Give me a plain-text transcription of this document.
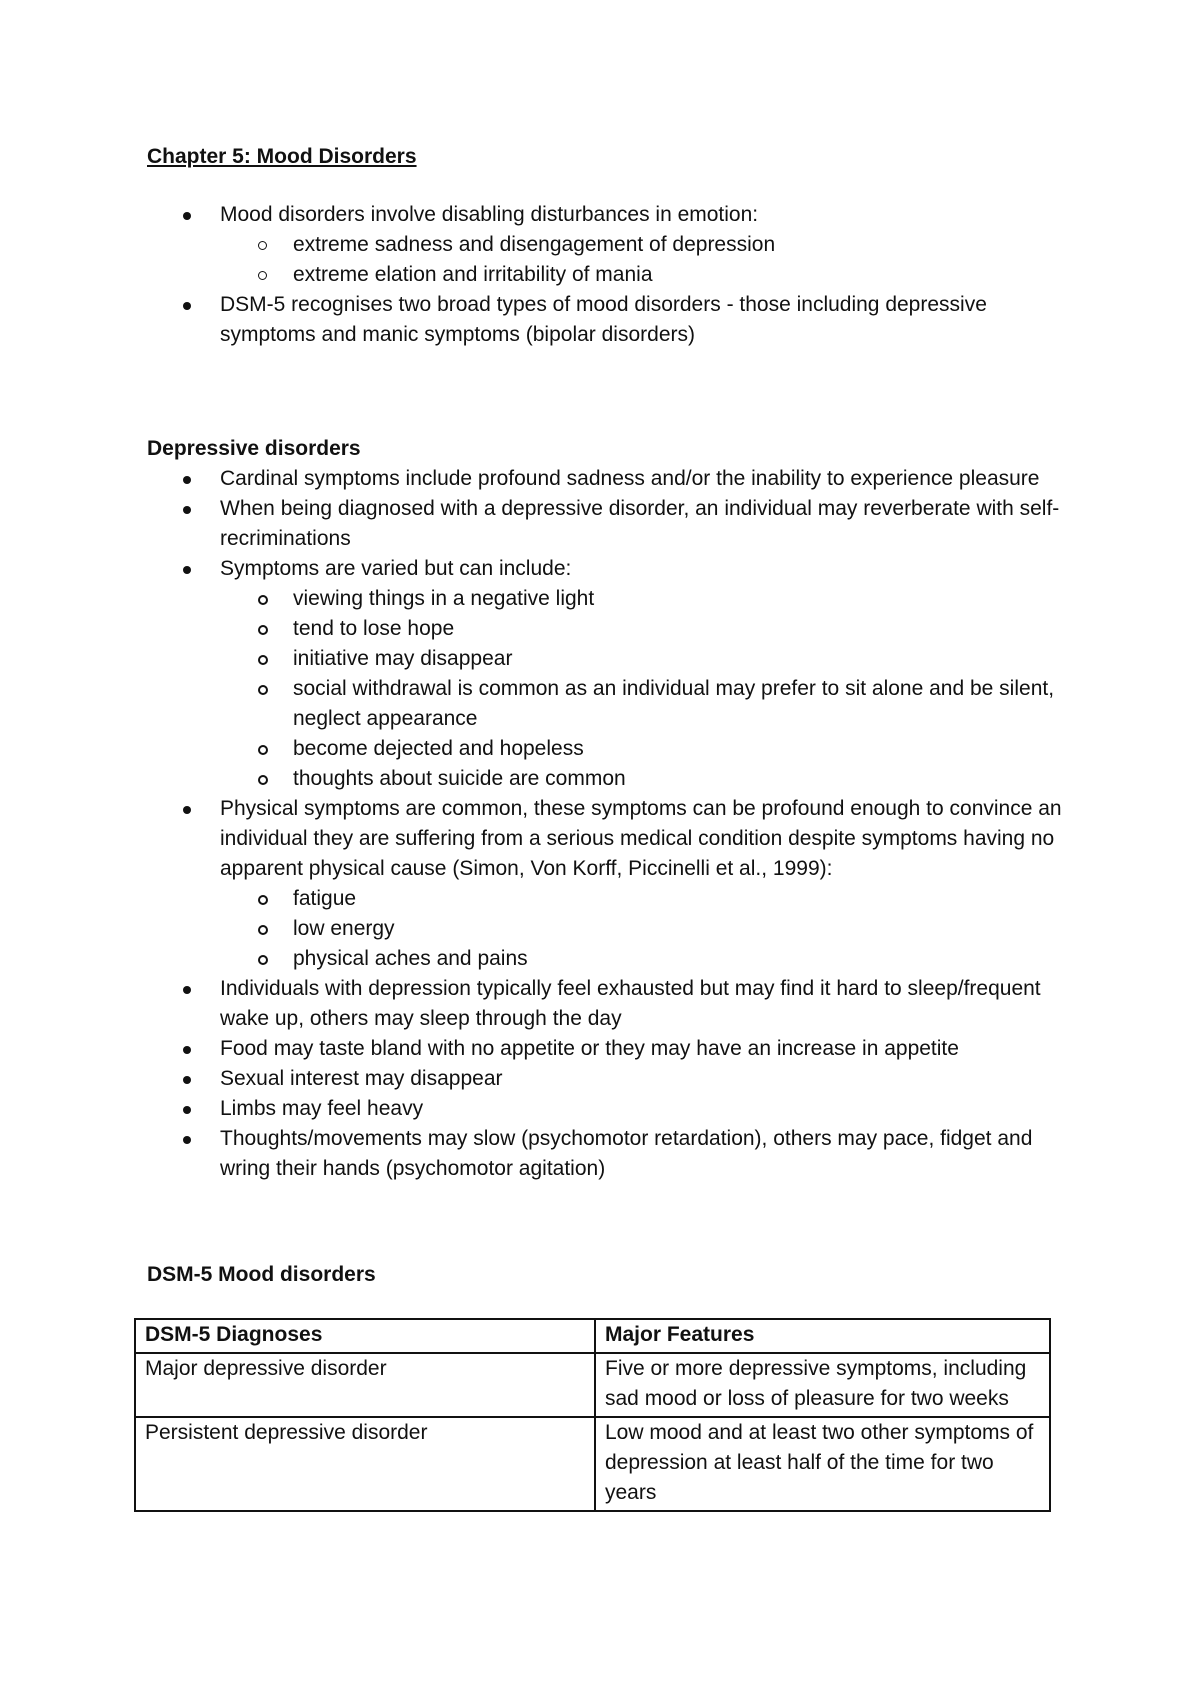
Chapter 5: Mood Disorders
Mood disorders involve disabling disturbances in emotion:
extreme sadness and disengagement of depression
extreme elation and irritability of mania
DSM-5 recognises two broad types of mood disorders - those including depressive symptoms and manic symptoms (bipolar disorders)
Depressive disorders
Cardinal symptoms include profound sadness and/or the inability to experience pleasure
When being diagnosed with a depressive disorder, an individual may reverberate with self-recriminations
Symptoms are varied but can include:
viewing things in a negative light
tend to lose hope
initiative may disappear
social withdrawal is common as an individual may prefer to sit alone and be silent, neglect appearance
become dejected and hopeless
thoughts about suicide are common
Physical symptoms are common, these symptoms can be profound enough to convince an individual they are suffering from a serious medical condition despite symptoms having no apparent physical cause (Simon, Von Korff, Piccinelli et al., 1999):
fatigue
low energy
physical aches and pains
Individuals with depression typically feel exhausted but may find it hard to sleep/frequent wake up, others may sleep through the day
Food may taste bland with no appetite or they may have an increase in appetite
Sexual interest may disappear
Limbs may feel heavy
Thoughts/movements may slow (psychomotor retardation), others may pace, fidget and wring their hands (psychomotor agitation)
DSM-5 Mood disorders
DSM-5 Diagnoses	Major Features
Major depressive disorder	Five or more depressive symptoms, including sad mood or loss of pleasure for two weeks
Persistent depressive disorder	Low mood and at least two other symptoms of depression at least half of the time for two years
